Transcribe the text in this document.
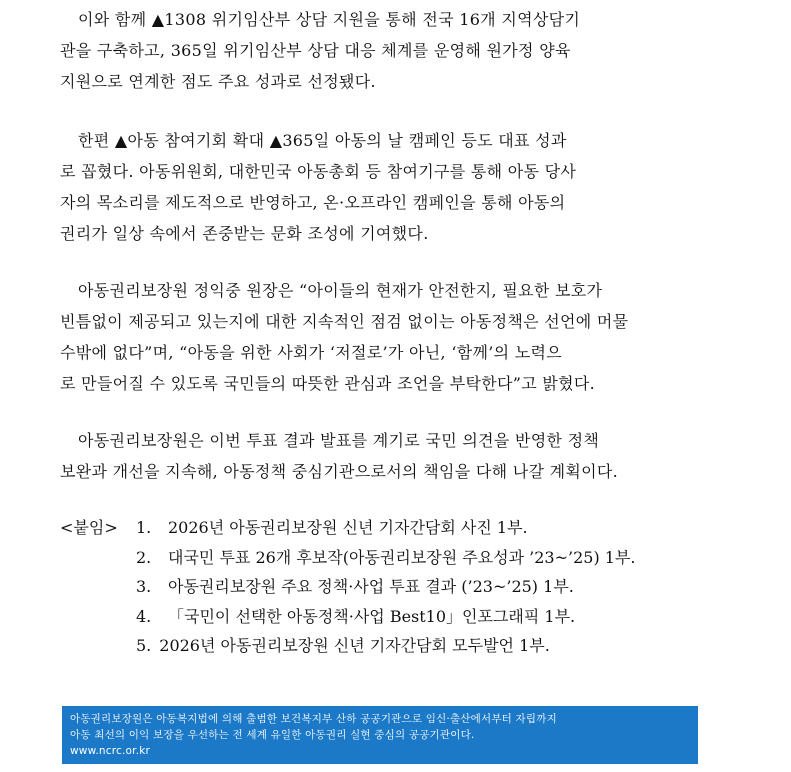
이와 함께 ▲1308 위기임산부 상담 지원을 통해 전국 16개 지역상담기
관을 구축하고, 365일 위기임산부 상담 대응 체계를 운영해 원가정 양육
지원으로 연계한 점도 주요 성과로 선정됐다.

한편 ▲아동 참여기회 확대 ▲365일 아동의 날 캠페인 등도 대표 성과
로 꼽혔다. 아동위원회, 대한민국 아동총회 등 참여기구를 통해 아동 당사
자의 목소리를 제도적으로 반영하고, 온·오프라인 캠페인을 통해 아동의
권리가 일상 속에서 존중받는 문화 조성에 기여했다.

아동권리보장원 정익중 원장은 “아이들의 현재가 안전한지, 필요한 보호가
빈틈없이 제공되고 있는지에 대한 지속적인 점검 없이는 아동정책은 선언에 머물
수밖에 없다”며, “아동을 위한 사회가 ‘저절로’가 아닌, ‘함께’의 노력으
로 만들어질 수 있도록 국민들의 따뜻한 관심과 조언을 부탁한다”고 밝혔다.

아동권리보장원은 이번 투표 결과 발표를 계기로 국민 의견을 반영한 정책
보완과 개선을 지속해, 아동정책 중심기관으로서의 책임을 다해 나갈 계획이다.

<붙임> 1.	2026년 아동권리보장원 신년 기자간담회 사진 1부.
2.	대국민 투표 26개 후보작(아동권리보장원 주요성과 ’23~’25) 1부.
3.	아동권리보장원 주요 정책·사업 투표 결과 (’23~’25) 1부.
4.	「국민이 선택한 아동정책·사업 Best10」인포그래픽 1부.
5. 2026년 아동권리보장원 신년 기자간담회 모두발언 1부.
아동권리보장원은 아동복지법에 의해 출범한 보건복지부 산하 공공기관으로 임신·출산에서부터 자립까지
아동 최선의 이익 보장을 우선하는 전 세계 유일한 아동권리 실현 중심의 공공기관이다.
www.ncrc.or.kr
